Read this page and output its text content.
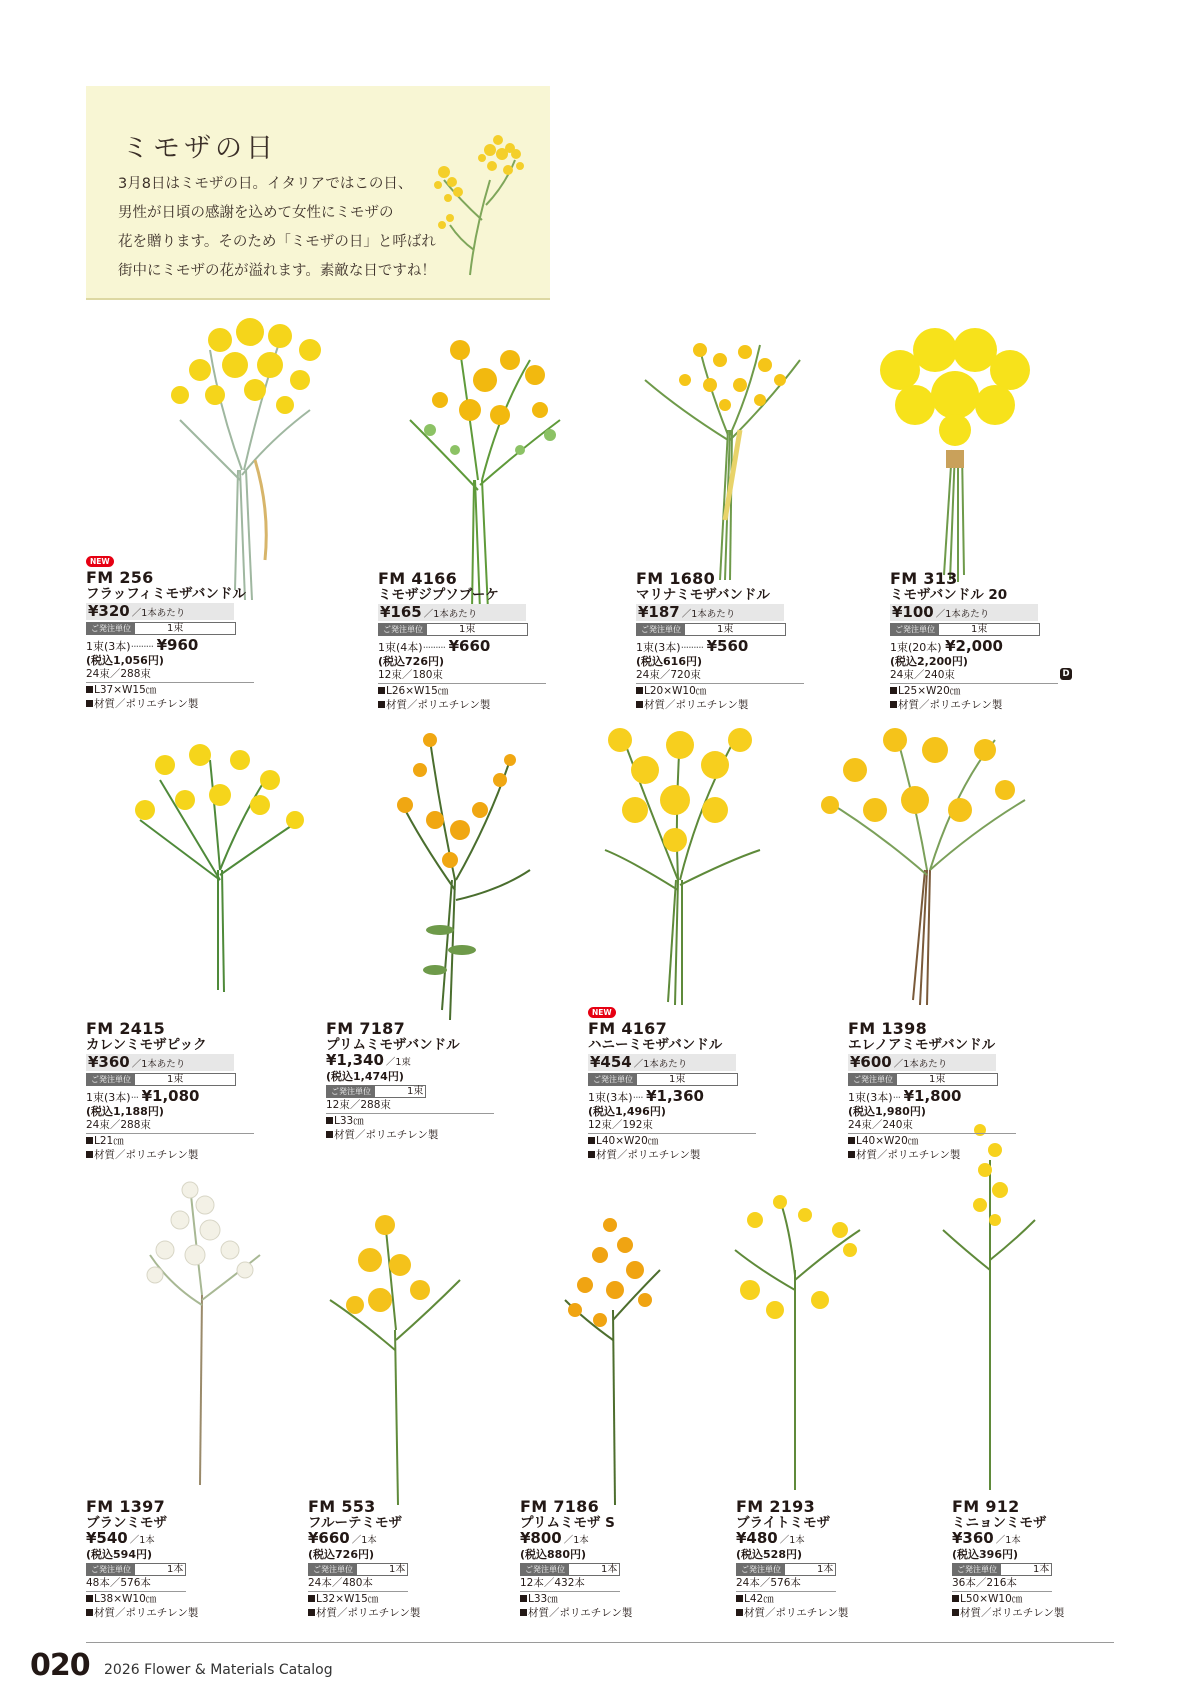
ミモザの日
3月8日はミモザの日。イタリアではこの日、
男性が日頃の感謝を込めて女性にミモザの
花を贈ります。そのため「ミモザの日」と呼ばれ
街中にミモザの花が溢れます。素敵な日ですね！
NEW
FM 256
フラッフィミモザバンドル
¥320 ／1本あたり
ご発注単位	1束
1束(3本)········· ¥960
(税込1,056円)
24束／288束
L37×W15㎝
材質／ポリエチレン製
FM 4166
ミモザジプソブーケ
¥165 ／1本あたり
ご発注単位	1束
1束(4本)········· ¥660
(税込726円)
12束／180束
L26×W15㎝
材質／ポリエチレン製
FM 1680
マリナミモザバンドル
¥187 ／1本あたり
ご発注単位	1束
1束(3本)········· ¥560
(税込616円)
24束／720束
L20×W10㎝
材質／ポリエチレン製
FM 313
ミモザバンドル 20
¥100 ／1本あたり
ご発注単位	1束
1束(20本) ¥2,000
(税込2,200円)
24束／240束	D
L25×W20㎝
材質／ポリエチレン製
FM 2415
カレンミモザピック
¥360 ／1本あたり
ご発注単位	1束
1束(3本)··· ¥1,080
(税込1,188円)
24束／288束
L21㎝
材質／ポリエチレン製
FM 7187
プリムミモザバンドル
¥1,340 ／1束
(税込1,474円)
ご発注単位	1束
12束／288束
L33㎝
材質／ポリエチレン製
NEW
FM 4167
ハニーミモザバンドル
¥454 ／1本あたり
ご発注単位	1束
1束(3本)···· ¥1,360
(税込1,496円)
12束／192束
L40×W20㎝
材質／ポリエチレン製
FM 1398
エレノアミモザバンドル
¥600 ／1本あたり
ご発注単位	1束
1束(3本)··· ¥1,800
(税込1,980円)
24束／240束
L40×W20㎝
材質／ポリエチレン製
FM 1397
ブランミモザ
¥540 ／1本
(税込594円)
ご発注単位	1本
48本／576本
L38×W10㎝
材質／ポリエチレン製
FM 553
フルーテミモザ
¥660 ／1本
(税込726円)
ご発注単位	1本
24本／480本
L32×W15㎝
材質／ポリエチレン製
FM 7186
プリムミモザ S
¥800 ／1本
(税込880円)
ご発注単位	1本
12本／432本
L33㎝
材質／ポリエチレン製
FM 2193
ブライトミモザ
¥480 ／1本
(税込528円)
ご発注単位	1本
24本／576本
L42㎝
材質／ポリエチレン製
FM 912
ミニョンミモザ
¥360 ／1本
(税込396円)
ご発注単位	1本
36本／216本
L50×W10㎝
材質／ポリエチレン製
020 2026 Flower & Materials Catalog
